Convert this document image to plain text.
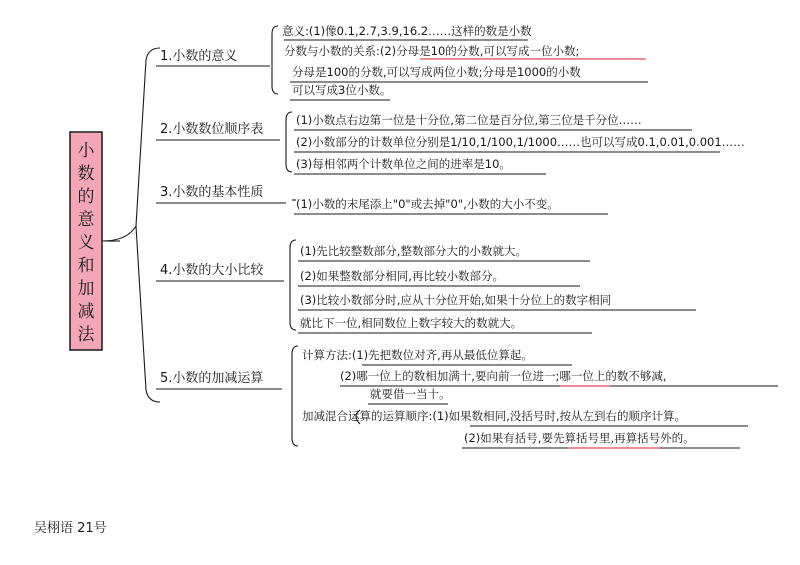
小
数
的
意
义
和
加
减
法
1.小数的意义
2.小数数位顺序表
3.小数的基本性质
4.小数的大小比较
5.小数的加减运算
意义:(1)像0.1,2.7,3.9,16.2……这样的数是小数
分数与小数的关系:(2)分母是10的分数,可以写成一位小数;
分母是100的分数,可以写成两位小数;分母是1000的小数
可以写成3位小数。
(1)小数点右边第一位是十分位,第二位是百分位,第三位是千分位……
(2)小数部分的计数单位分别是1/10,1/100,1/1000……也可以写成0.1,0.01,0.001……
(3)每相邻两个计数单位之间的进率是10。
(1)小数的末尾添上"0"或去掉"0",小数的大小不变。
(1)先比较整数部分,整数部分大的小数就大。
(2)如果整数部分相同,再比较小数部分。
(3)比较小数部分时,应从十分位开始,如果十分位上的数字相同
就比下一位,相同数位上数字较大的数就大。
计算方法:(1)先把数位对齐,再从最低位算起。
(2)哪一位上的数相加满十,要向前一位进一;哪一位上的数不够减,
就要借一当十。
加减混合运算的运算顺序:(1)如果数相同,没括号时,按从左到右的顺序计算。
(2)如果有括号,要先算括号里,再算括号外的。
吴栩语 21号
